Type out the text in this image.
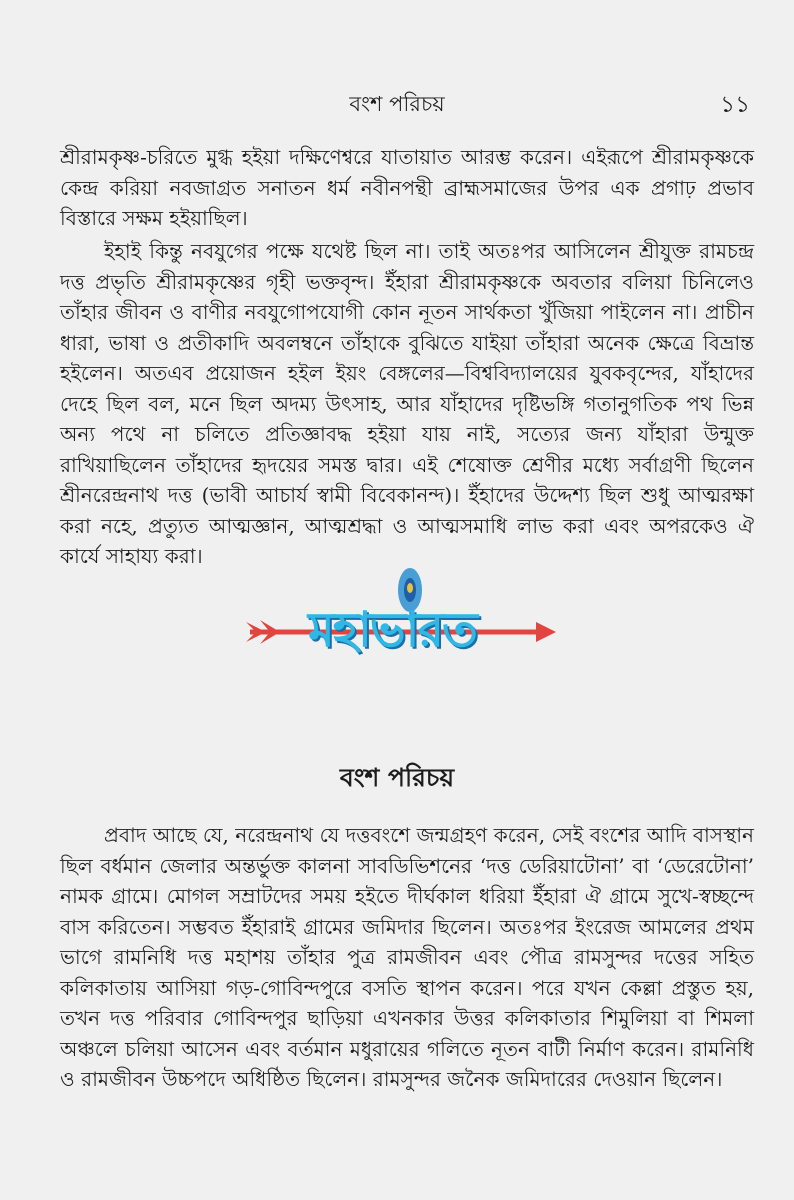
বংশ পরিচয়	১১

শ্রীরামকৃষ্ণ-চরিতে মুগ্ধ হইয়া দক্ষিণেশ্বরে যাতায়াত আরম্ভ করেন। এইরূপে শ্রীরামকৃষ্ণকে কেন্দ্র করিয়া নবজাগ্রত সনাতন ধর্ম নবীনপন্থী ব্রাহ্মসমাজের উপর এক প্রগাঢ় প্রভাব বিস্তারে সক্ষম হইয়াছিল।

ইহাই কিন্তু নবযুগের পক্ষে যথেষ্ট ছিল না। তাই অতঃপর আসিলেন শ্রীযুক্ত রামচন্দ্র দত্ত প্রভৃতি শ্রীরামকৃষ্ণের গৃহী ভক্তবৃন্দ। ইঁহারা শ্রীরামকৃষ্ণকে অবতার বলিয়া চিনিলেও তাঁহার জীবন ও বাণীর নবযুগোপযোগী কোন নূতন সার্থকতা খুঁজিয়া পাইলেন না। প্রাচীন ধারা, ভাষা ও প্রতীকাদি অবলম্বনে তাঁহাকে বুঝিতে যাইয়া তাঁহারা অনেক ক্ষেত্রে বিভ্রান্ত হইলেন। অতএব প্রয়োজন হইল ইয়ং বেঙ্গলের—বিশ্ববিদ্যালয়ের যুবকবৃন্দের, যাঁহাদের দেহে ছিল বল, মনে ছিল অদম্য উৎসাহ, আর যাঁহাদের দৃষ্টিভঙ্গি গতানুগতিক পথ ভিন্ন অন্য পথে না চলিতে প্রতিজ্ঞাবদ্ধ হইয়া যায় নাই, সত্যের জন্য যাঁহারা উন্মুক্ত রাখিয়াছিলেন তাঁহাদের হৃদয়ের সমস্ত দ্বার। এই শেষোক্ত শ্রেণীর মধ্যে সর্বাগ্রণী ছিলেন শ্রীনরেন্দ্রনাথ দত্ত (ভাবী আচার্য স্বামী বিবেকানন্দ)। ইঁহাদের উদ্দেশ্য ছিল শুধু আত্মরক্ষা করা নহে, প্রত্যুত আত্মজ্ঞান, আত্মশ্রদ্ধা ও আত্মসমাধি লাভ করা এবং অপরকেও ঐ কার্যে সাহায্য করা।

মহাভারত
বংশ পরিচয়

প্রবাদ আছে যে, নরেন্দ্রনাথ যে দত্তবংশে জন্মগ্রহণ করেন, সেই বংশের আদি বাসস্থান ছিল বর্ধমান জেলার অন্তর্ভুক্ত কালনা সাবডিভিশনের ‘দত্ত ডেরিয়াটোনা’ বা ‘ডেরেটোনা’ নামক গ্রামে। মোগল সম্রাটদের সময় হইতে দীর্ঘকাল ধরিয়া ইঁহারা ঐ গ্রামে সুখে-স্বচ্ছন্দে বাস করিতেন। সম্ভবত ইঁহারাই গ্রামের জমিদার ছিলেন। অতঃপর ইংরেজ আমলের প্রথম ভাগে রামনিধি দত্ত মহাশয় তাঁহার পুত্র রামজীবন এবং পৌত্র রামসুন্দর দত্তের সহিত কলিকাতায় আসিয়া গড়-গোবিন্দপুরে বসতি স্থাপন করেন। পরে যখন কেল্লা প্রস্তুত হয়, তখন দত্ত পরিবার গোবিন্দপুর ছাড়িয়া এখনকার উত্তর কলিকাতার শিমুলিয়া বা শিমলা অঞ্চলে চলিয়া আসেন এবং বর্তমান মধুরায়ের গলিতে নূতন বাটী নির্মাণ করেন। রামনিধি ও রামজীবন উচ্চপদে অধিষ্ঠিত ছিলেন। রামসুন্দর জনৈক জমিদারের দেওয়ান ছিলেন।
